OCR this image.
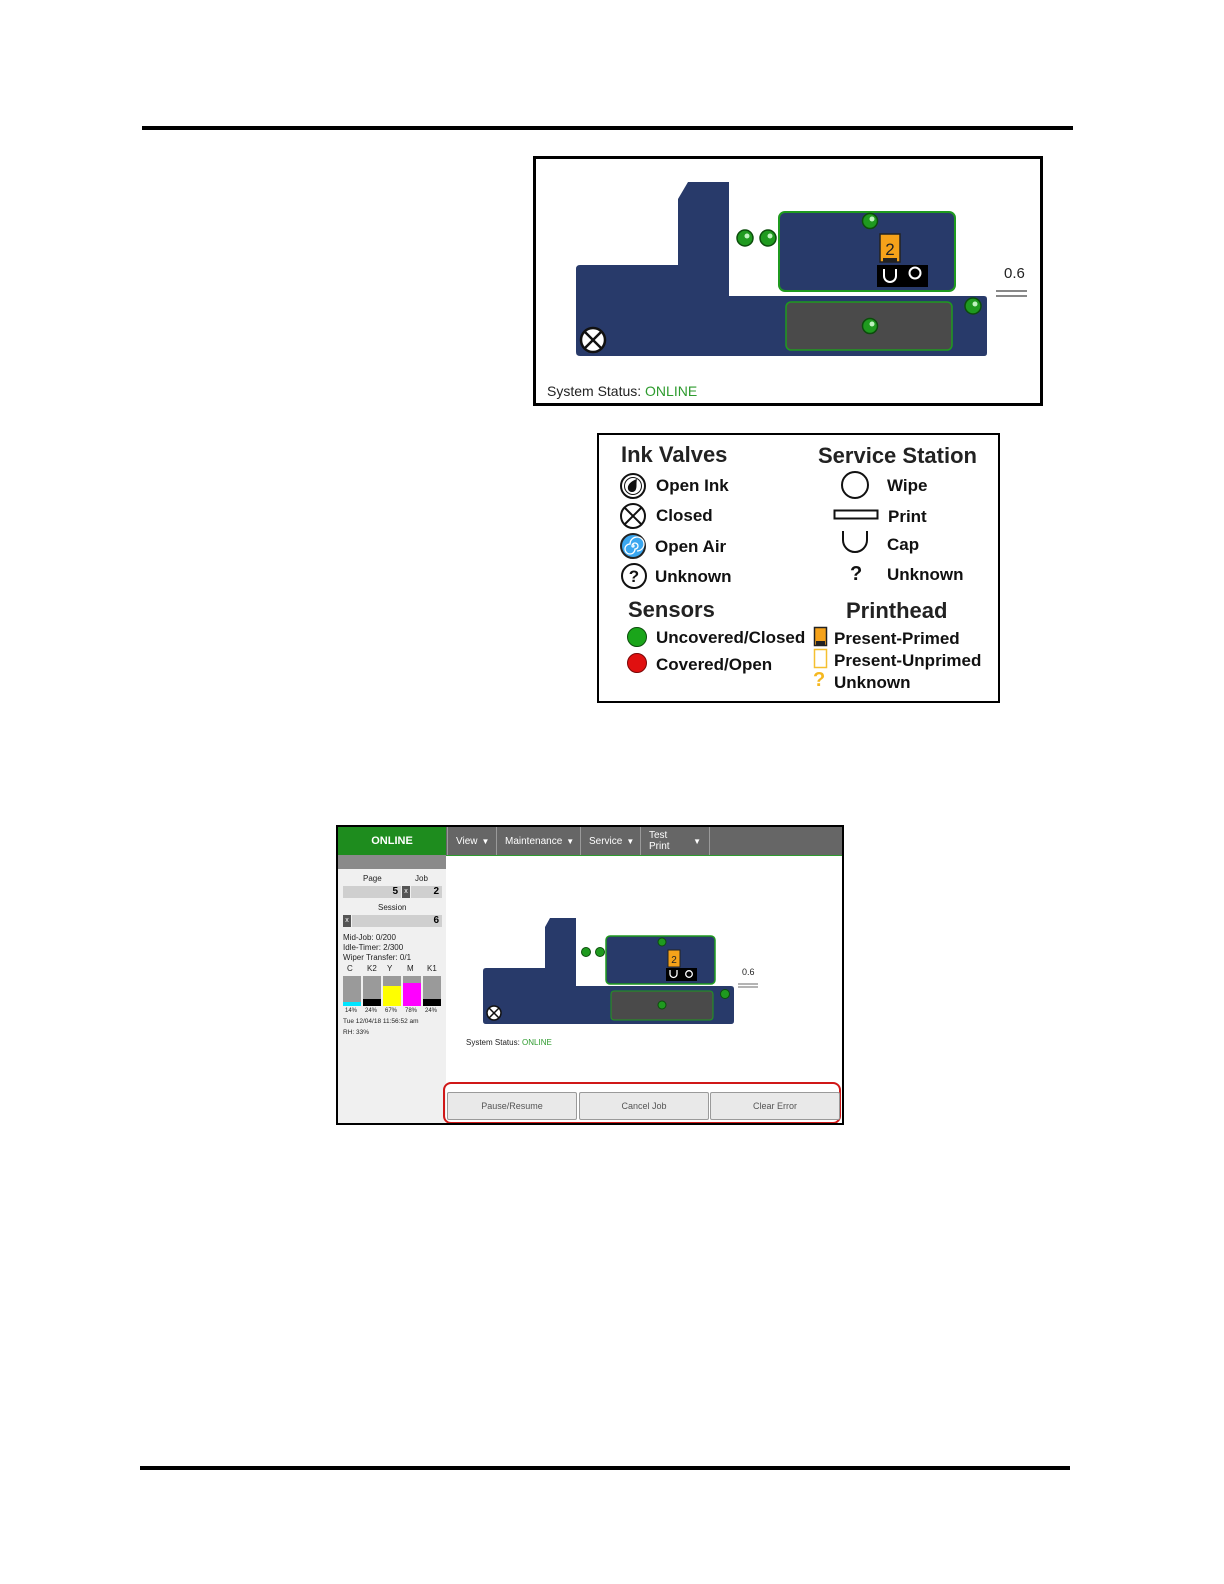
2
0.6
System Status: ONLINE
Ink Valves
Open Ink
Closed
Open Air
? Unknown
Service Station
Wipe
Print
Cap
? Unknown
Sensors
Uncovered/Closed
Covered/Open
Printhead
Present-Primed
Present-Unprimed
? Unknown
ONLINE	View ▼ Maintenance ▼ Service ▼ Test Print	▼
Page	Job
5 x	2
Session
x	6
Mid-Job: 0/200
Idle-Timer: 2/300
Wiper Transfer: 0/1
C
14%
K2
24%
Y
67%
M
78%
K1
24%
Tue 12/04/18 11:56:52 am
RH: 33%
2
0.6
System Status: ONLINE
Pause/Resume	Cancel Job	Clear Error
